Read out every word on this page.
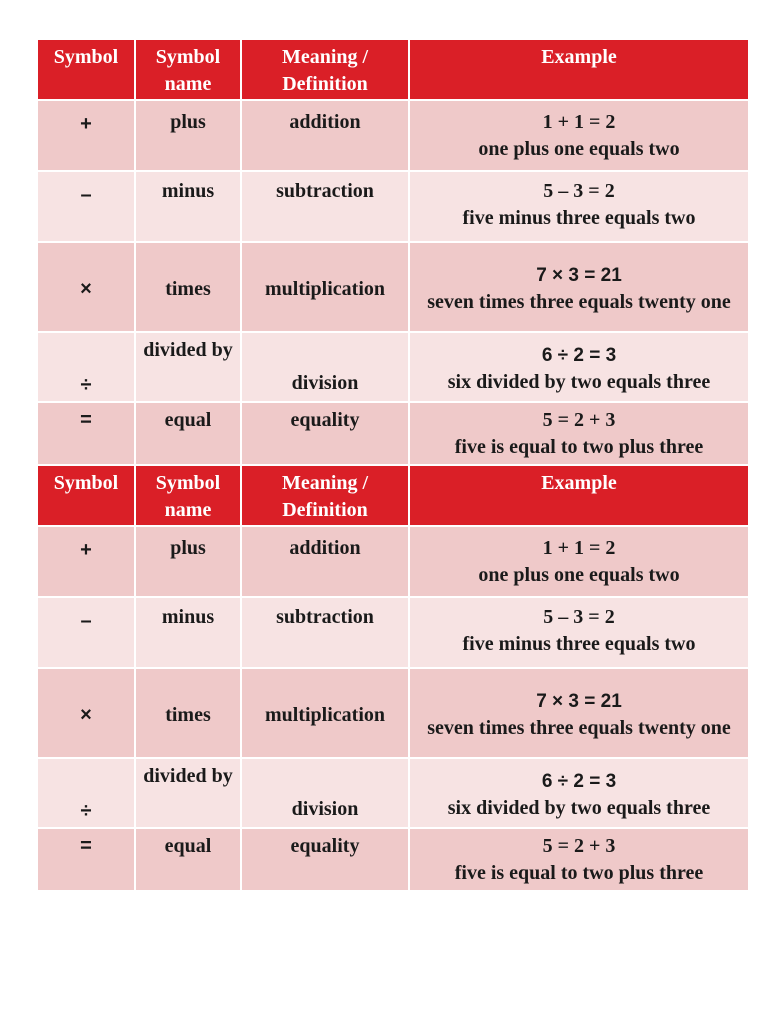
Symbol	Symbol name	Meaning / Definition	Example
+	plus	addition	1 + 1 = 2
one plus one equals two

–	minus	subtraction	5 – 3 = 2
five minus three equals two

×	times	multiplication	7 × 3 = 21
seven times three equals twenty one

÷	divided by	division	6 ÷ 2 = 3
six divided by two equals three

=	equal	equality	5 = 2 + 3
five is equal to two plus three

Symbol	Symbol name	Meaning / Definition	Example
+	plus	addition	1 + 1 = 2
one plus one equals two

–	minus	subtraction	5 – 3 = 2
five minus three equals two

×	times	multiplication	7 × 3 = 21
seven times three equals twenty one

÷	divided by	division	6 ÷ 2 = 3
six divided by two equals three

=	equal	equality	5 = 2 + 3
five is equal to two plus three
